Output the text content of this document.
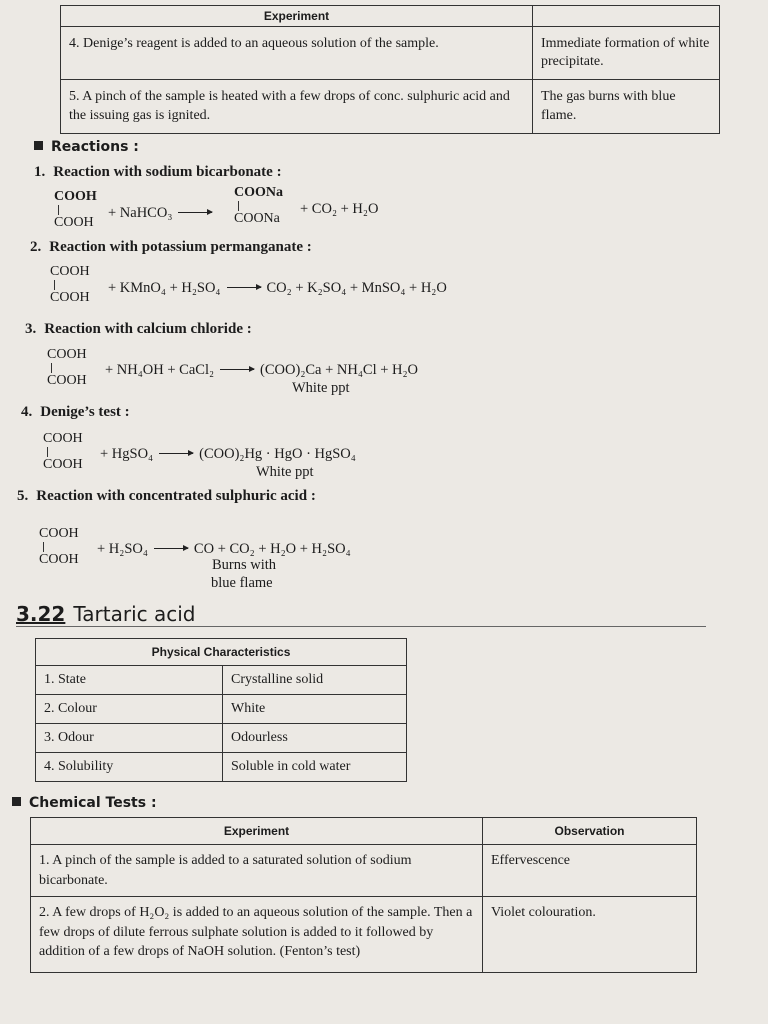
Experiment	
4. Denige’s reagent is added to an aqueous solution of the sample.	Immediate formation of white precipitate.
5. A pinch of the sample is heated with a few drops of conc. sulphuric acid and the issuing gas is ignited.	The gas burns with blue flame.
Reactions :
1. Reaction with sodium bicarbonate :
COOH
COOH
+ NaHCO₃
COONa
COONa
+ CO₂ + H₂O
2. Reaction with potassium permanganate :
COOH
COOH
+ KMnO₄ + H₂SO₄	CO₂ + K₂SO₄ + MnSO₄ + H₂O
3. Reaction with calcium chloride :
COOH
COOH
+ NH₄OH + CaCl₂	(COO)₂Ca + NH₄Cl + H₂O
White ppt
4. Denige’s test :
COOH
COOH
+ HgSO₄	(COO)₂Hg · HgO · HgSO₄
White ppt
5. Reaction with concentrated sulphuric acid :
COOH
COOH
+ H₂SO₄	CO + CO₂ + H₂O + H₂SO₄
Burns with
blue flame
3.22 Tartaric acid
Physical Characteristics	
1. State	Crystalline solid
2. Colour	White
3. Odour	Odourless
4. Solubility	Soluble in cold water
Chemical Tests :
Experiment	Observation
1. A pinch of the sample is added to a saturated solution of sodium bicarbonate.	Effervescence
2. A few drops of H₂O₂ is added to an aqueous solution of the sample. Then a few drops of dilute ferrous sulphate solution is added to it followed by addition of a few drops of NaOH solution. (Fenton’s test)	Violet colouration.
